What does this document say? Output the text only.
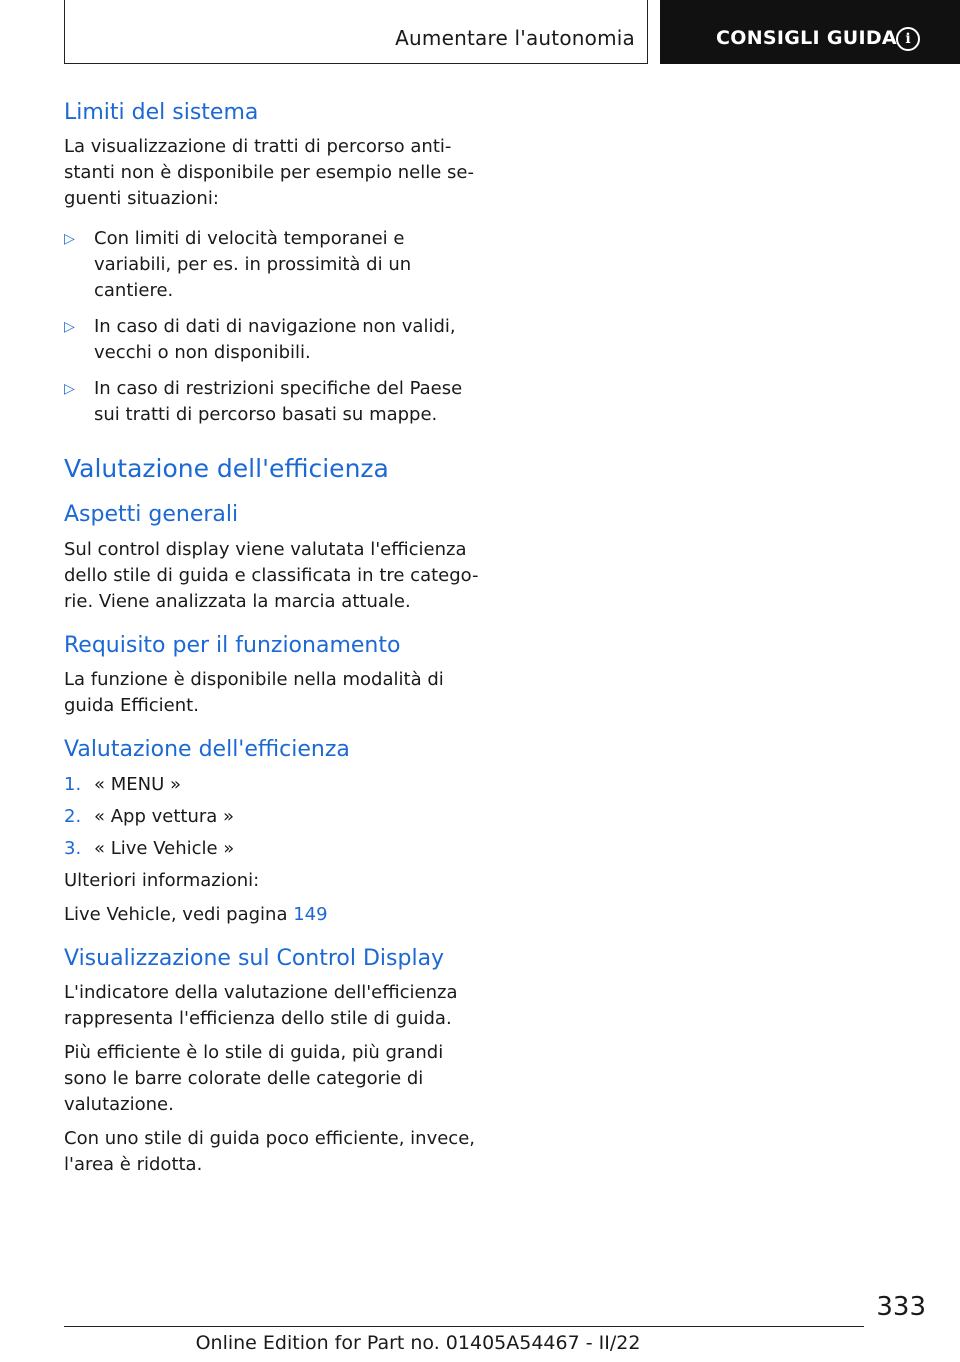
Aumentare l'autonomia	CONSIGLI GUIDA i
Limiti del sistema

La visualizzazione di tratti di percorso anti-stanti non è disponibile per esempio nelle se-guenti situazioni:

▷ Con limiti di velocità temporanei e variabili, per es. in prossimità di un cantiere.
▷ In caso di dati di navigazione non validi, vecchi o non disponibili.
▷ In caso di restrizioni specifiche del Paese sui tratti di percorso basati su mappe.
Valutazione dell'efficienza
Aspetti generali

Sul control display viene valutata l'efficienza dello stile di guida e classificata in tre catego-rie. Viene analizzata la marcia attuale.

Requisito per il funzionamento

La funzione è disponibile nella modalità di guida Efficient.

Valutazione dell'efficienza
1. « MENU »
2. « App vettura »
3. « Live Vehicle »

Ulteriori informazioni:

Live Vehicle, vedi pagina 149

Visualizzazione sul Control Display

L'indicatore della valutazione dell'efficienza rappresenta l'efficienza dello stile di guida.

Più efficiente è lo stile di guida, più grandi sono le barre colorate delle categorie di valutazione.

Con uno stile di guida poco efficiente, invece, l'area è ridotta.

333
Online Edition for Part no. 01405A54467 - II/22
